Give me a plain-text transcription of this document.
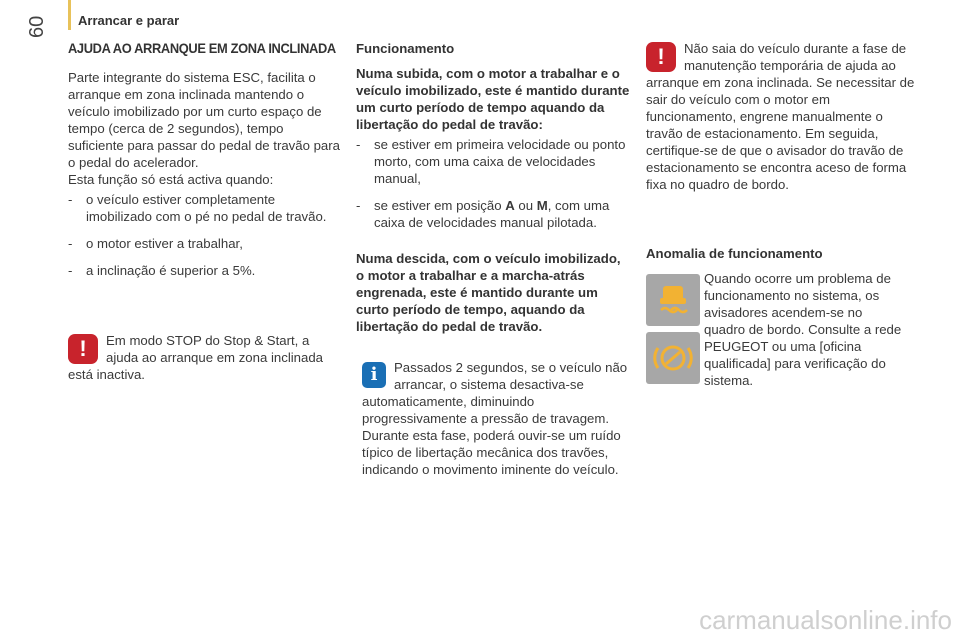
Arrancar e parar
60
AJUDA AO ARRANQUE EM ZONA INCLINADA

Parte integrante do sistema ESC, facilita o arranque em zona inclinada mantendo o veículo imobilizado por um curto espaço de tempo (cerca de 2 segundos), tempo suficiente para passar do pedal de travão para o pedal do acelerador.

Esta função só está activa quando:

-	o veículo estiver completamente imobilizado com o pé no pedal de travão.
-	o motor estiver a trabalhar,
-	a inclinação é superior a 5%.
!	Em modo STOP do Stop & Start, a ajuda ao arranque em zona inclinada está inactiva.

Funcionamento

Numa subida, com o motor a trabalhar e o veículo imobilizado, este é mantido durante um curto período de tempo aquando da libertação do pedal de travão:

-	se estiver em primeira velocidade ou ponto morto, com uma caixa de velocidades manual,
-	se estiver em posição A ou M, com uma caixa de velocidades manual pilotada.

Numa descida, com o veículo imobilizado, o motor a trabalhar e a marcha-atrás engrenada, este é mantido durante um curto período de tempo, aquando da libertação do pedal de travão.

i	Passados 2 segundos, se o veículo não arrancar, o sistema desactiva-se automaticamente, diminuindo progressivamente a pressão de travagem. Durante esta fase, poderá ouvir-se um ruído típico de libertação mecânica dos travões, indicando o movimento iminente do veículo.

!	Não saia do veículo durante a fase de manutenção temporária de ajuda ao arranque em zona inclinada. Se necessitar de sair do veículo com o motor em funcionamento, engrene manualmente o travão de estacionamento. Em seguida, certifique-se de que o avisador do travão de estacionamento se encontra aceso de forma fixa no quadro de bordo.

Anomalia de funcionamento

Quando ocorre um problema de funcionamento no sistema, os avisadores acendem-se no quadro de bordo. Consulte a rede PEUGEOT ou uma [oficina qualificada] para verificação do sistema.

carmanualsonline.info
